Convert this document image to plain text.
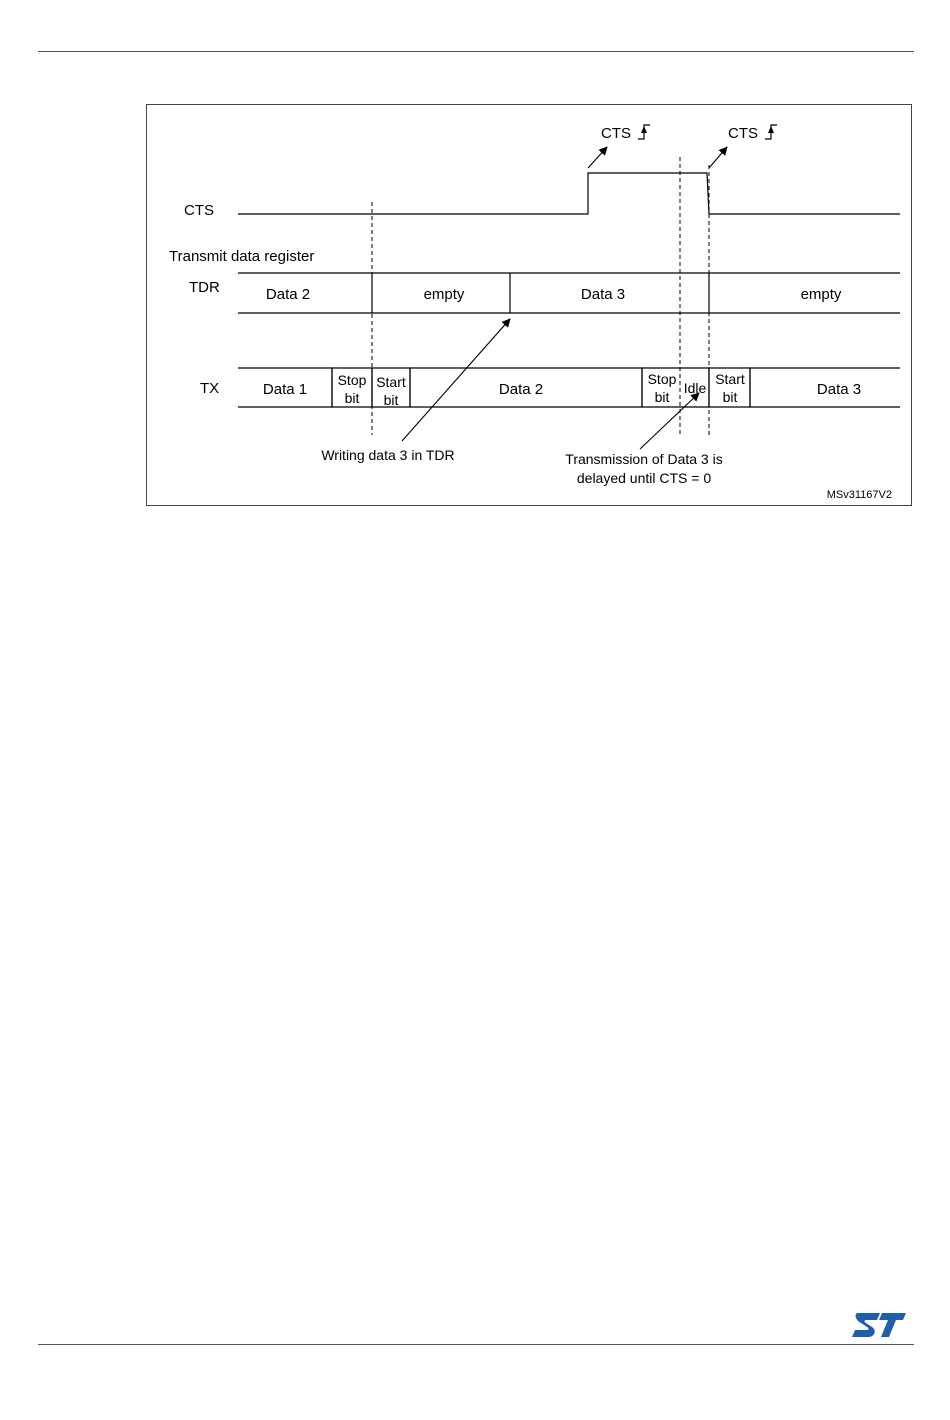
CTS
Transmit data register
TDR
TX
CTS	CTS
Data 2	empty	Data 3	empty
Data 1
Stop
bit
Start
bit
Data 2
Stop
bit
Idle
Start
bit	Data 3
Writing data 3 in TDR	Transmission of Data 3 is
delayed until CTS = 0
MSv31167V2
